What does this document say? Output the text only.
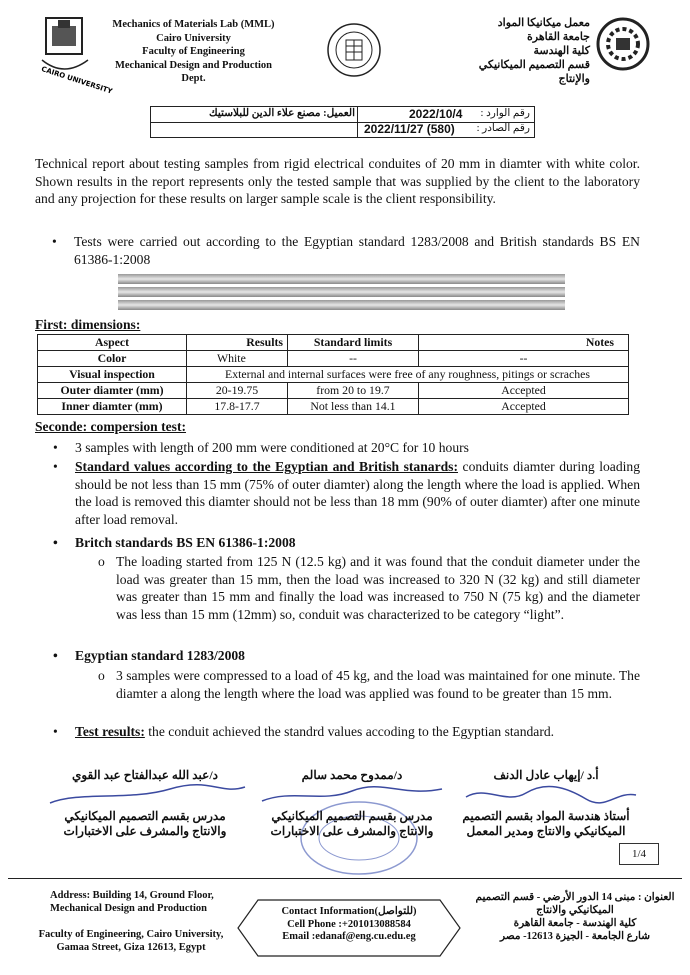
CAIRO UNIVERSITY
Mechanics of Materials Lab (MML)
Cairo University
Faculty of Engineering
Mechanical Design and Production
Dept.
معمل ميكانيكا المواد
جامعة القاهرة
كلية الهندسة
قسم التصميم الميكانيكي
والإنتاج
العميل: مصنع علاء الدين للبلاستيك	2022/10/4 رقم الوارد :
2022/11/27 (580) رقم الصادر :

Technical report about testing samples from rigid electrical conduites of 20 mm in diamter with white color. Shown results in the report represents only the tested sample that was supplied by the client to the laboratory and any projection for these results on larger sample scale is the client responsibility.

• Tests were carried out according to the Egyptian standard 1283/2008 and British standards BS EN 61386-1:2008
First: dimensions:
Aspect	Results	Standard limits	Notes
Color	White	--	--
Visual inspection	External and internal surfaces were free of any roughness, pitings or scraches		
Outer diamter (mm)	20-19.75	from 20 to 19.7	Accepted
Inner diamter (mm)	17.8-17.7	Not less than 14.1	Accepted
Seconde: compersion test:
• 3 samples with length of 200 mm were conditioned at 20°C for 10 hours
• Standard values according to the Egyptian and British stanards: conduits diamter during loading should be not less than 15 mm (75% of outer diamter) along the length where the load is applied. When the load is removed this diamter should not be less than 18 mm (90% of outer diamter) after one minute after load removal.
• Britch standards BS EN 61386-1:2008
o The loading started from 125 N (12.5 kg) and it was found that the conduit diameter under the load was greater than 15 mm, then the load was increased to 320 N (32 kg) and still diameter was greater than 15 mm and finally the load was increased to 750 N (75 kg) and the diameter was less than 15 mm (12mm) so, conduit was characterized to be category “light”.
• Egyptian standard 1283/2008
o 3 samples were compressed to a load of 45 kg, and the load was maintained for one minute. The diamter a along the length where the load was applied was found to be greater than 15 mm.
• Test results: the conduit achieved the standrd values accoding to the Egyptian standard.
أ.د /إيهاب عادل الدنف
أستاذ هندسة المواد بقسم التصميم
الميكانيكي والانتاج ومدير المعمل
د/ممدوح محمد سالم
مدرس بقسم التصميم الميكانيكي
والانتاج والمشرف على الاختبارات
د/عبد الله عبدالفتاح عبد القوي
مدرس بقسم التصميم الميكانيكي
والانتاج والمشرف على الاختبارات
1/4
Address: Building 14, Ground Floor,
Mechanical Design and Production
Faculty of Engineering, Cairo University,
Gamaa Street, Giza 12613, Egypt
Contact Information(للتواصل)
Cell Phone :+201013088584
Email :edanaf@eng.cu.edu.eg
العنوان : مبنى 14 الدور الأرضي - قسم التصميم
الميكانيكي والانتاج
كلية الهندسة - جامعة القاهرة
شارع الجامعة - الجيزة 12613- مصر
